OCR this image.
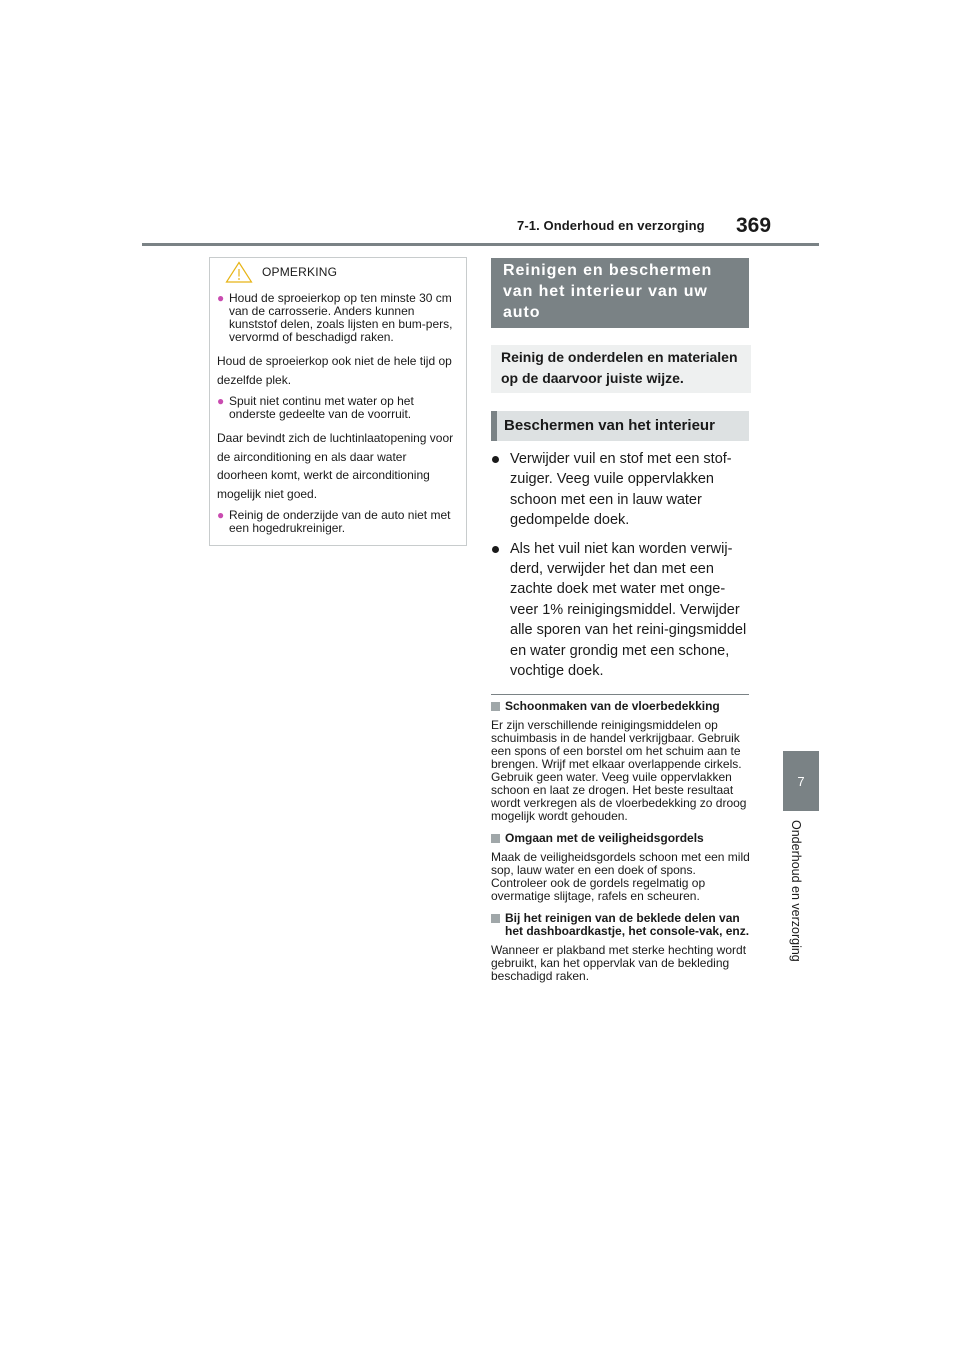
7-1. Onderhoud en verzorging 369
7
Onderhoud en verzorging
OPMERKING
● Houd de sproeierkop op ten minste 30 cm van de carrosserie. Anders kunnen kunststof delen, zoals lijsten en bum-pers, vervormd of beschadigd raken.
Houd de sproeierkop ook niet de hele tijd op dezelfde plek.
● Spuit niet continu met water op het onderste gedeelte van de voorruit.
Daar bevindt zich de luchtinlaatopening voor de airconditioning en als daar water doorheen komt, werkt de airconditioning mogelijk niet goed.
● Reinig de onderzijde van de auto niet met een hogedrukreiniger.
Reinigen en beschermen van het interieur van uw auto
Reinig de onderdelen en materialen op de daarvoor juiste wijze.
Beschermen van het interieur
Verwijder vuil en stof met een stof-zuiger. Veeg vuile oppervlakken schoon met een in lauw water gedompelde doek.
Als het vuil niet kan worden verwij-derd, verwijder het dan met een zachte doek met water met onge-veer 1% reinigingsmiddel. Verwijder alle sporen van het reini-gingsmiddel en water grondig met een schone, vochtige doek.
Schoonmaken van de vloerbedekking
Er zijn verschillende reinigingsmiddelen op schuimbasis in de handel verkrijgbaar. Gebruik een spons of een borstel om het schuim aan te brengen. Wrijf met elkaar overlappende cirkels. Gebruik geen water. Veeg vuile oppervlakken schoon en laat ze drogen. Het beste resultaat wordt verkregen als de vloerbedekking zo droog mogelijk wordt gehouden.
Omgaan met de veiligheidsgordels
Maak de veiligheidsgordels schoon met een mild sop, lauw water en een doek of spons. Controleer ook de gordels regelmatig op overmatige slijtage, rafels en scheuren.
Bij het reinigen van de beklede delen van het dashboardkastje, het console-vak, enz.
Wanneer er plakband met sterke hechting wordt gebruikt, kan het oppervlak van de bekleding beschadigd raken.
